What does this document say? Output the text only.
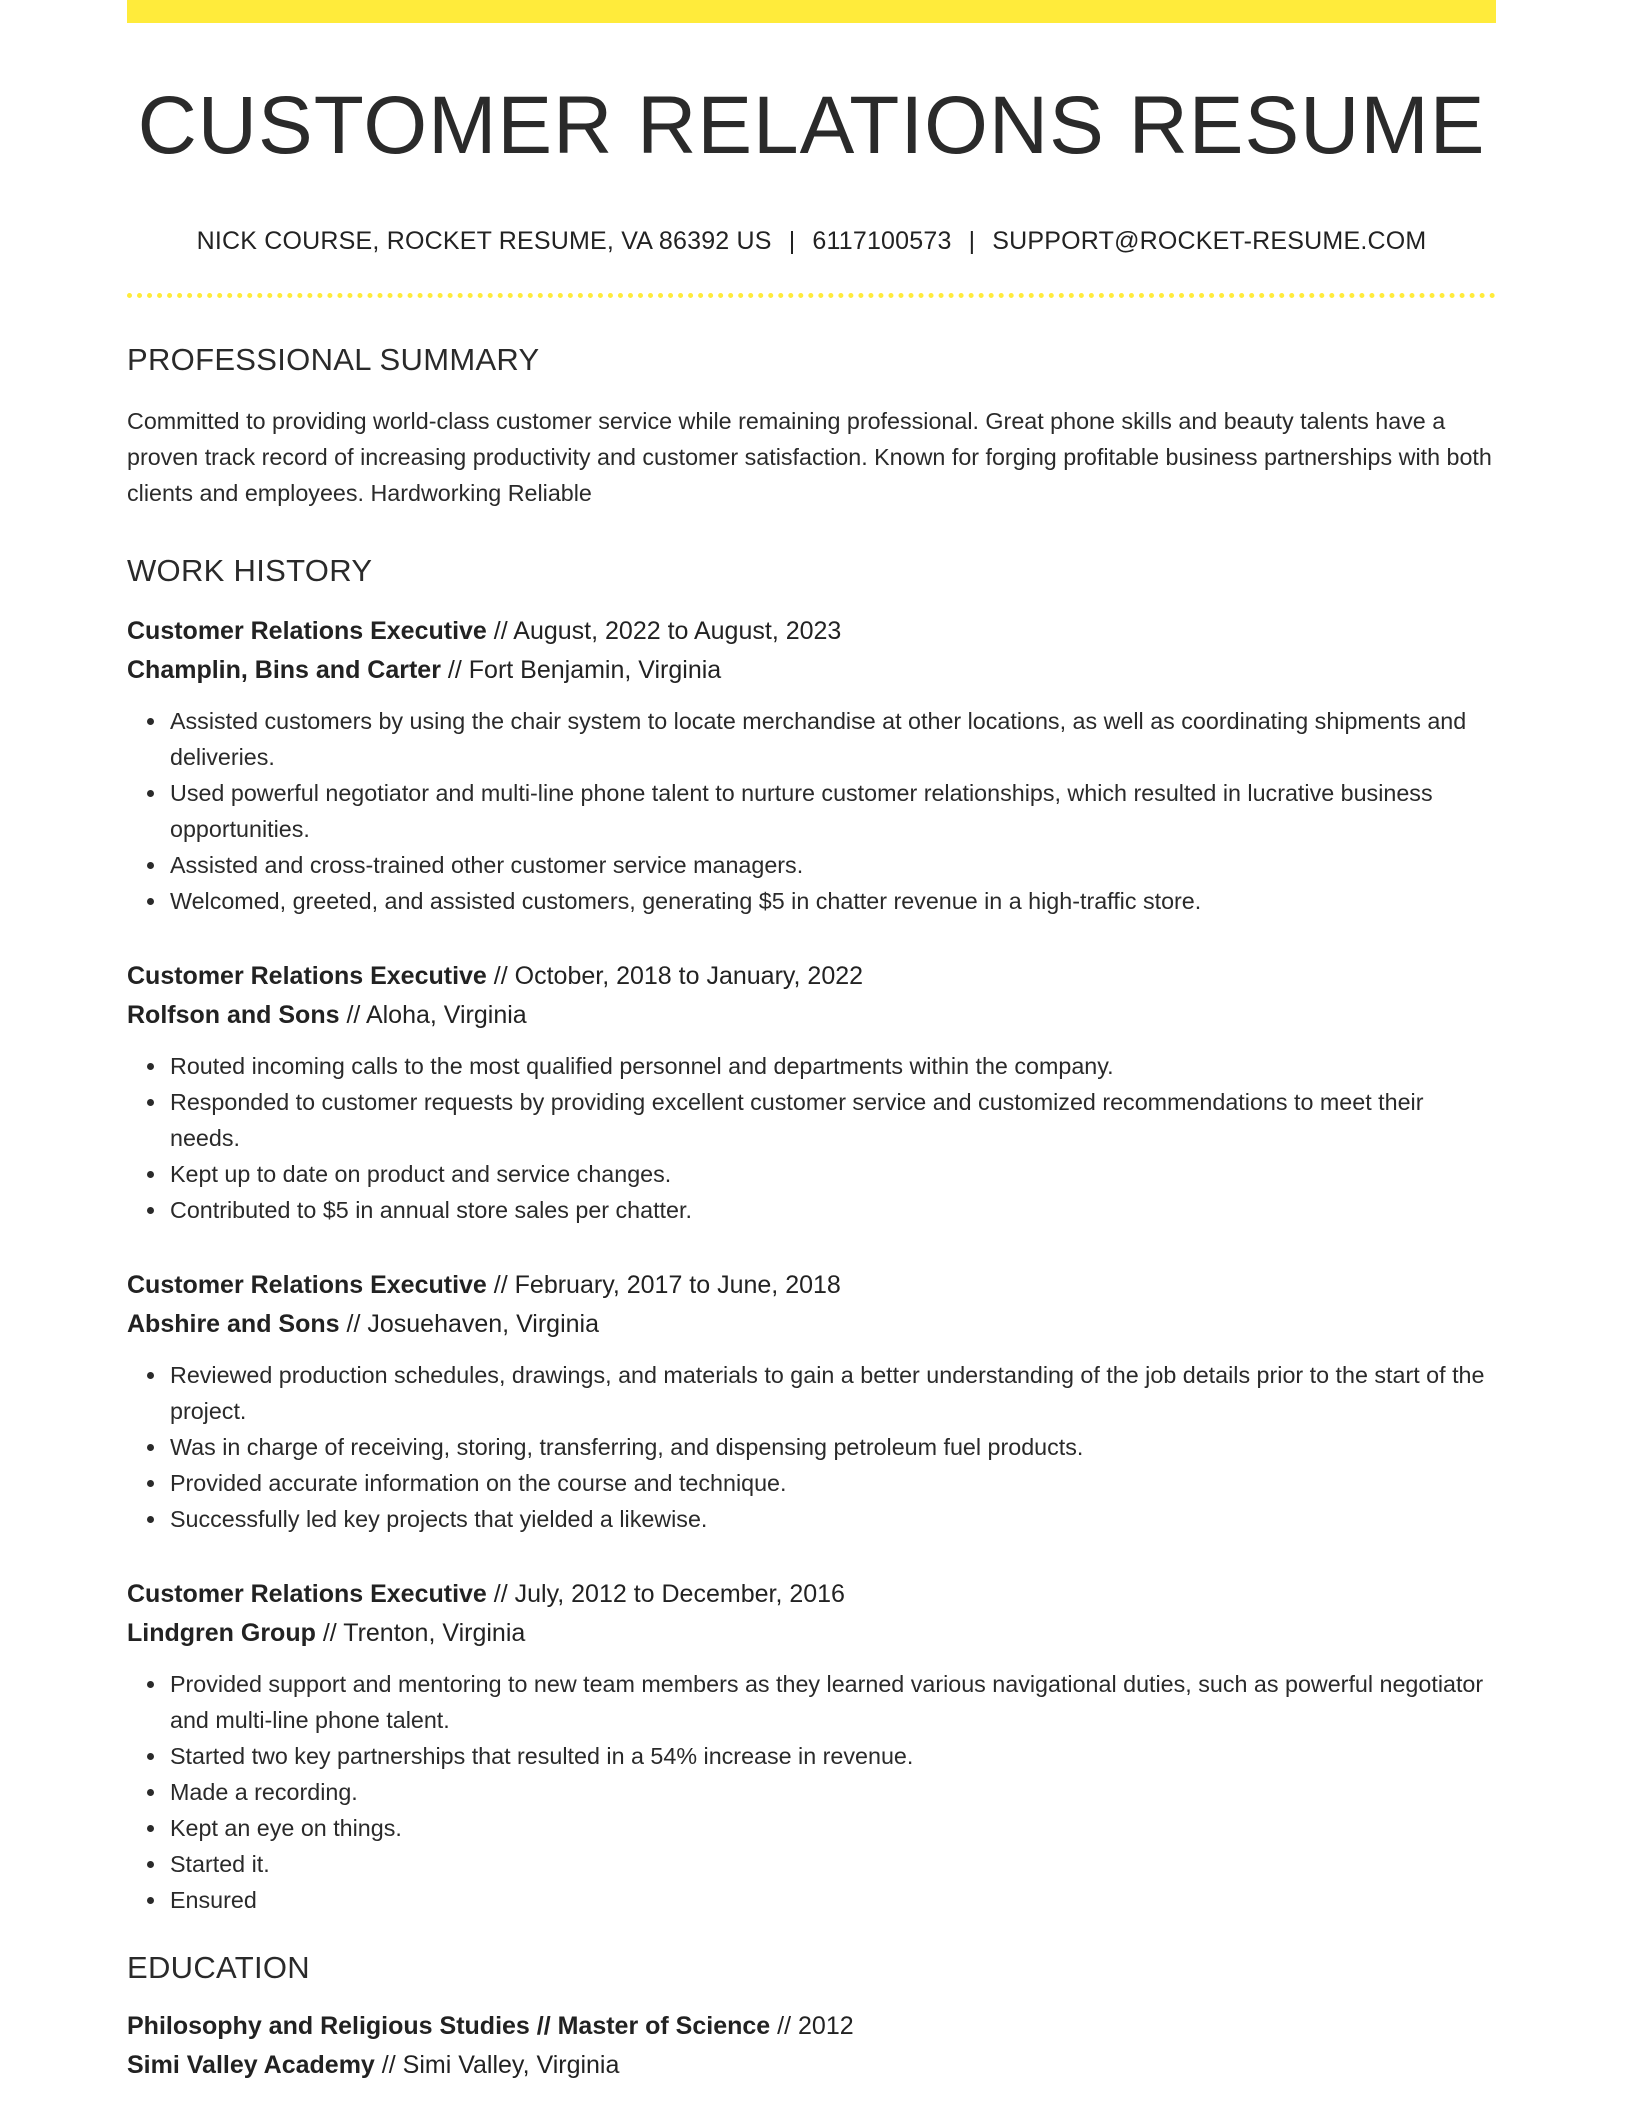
CUSTOMER RELATIONS RESUME
NICK COURSE, ROCKET RESUME, VA 86392 US | 6117100573 | SUPPORT@ROCKET-RESUME.COM
PROFESSIONAL SUMMARY

Committed to providing world-class customer service while remaining professional. Great phone skills and beauty talents have a proven track record of increasing productivity and customer satisfaction. Known for forging profitable business partnerships with both clients and employees. Hardworking Reliable

WORK HISTORY
Customer Relations Executive // August, 2022 to August, 2023
Champlin, Bins and Carter // Fort Benjamin, Virginia
Assisted customers by using the chair system to locate merchandise at other locations, as well as coordinating shipments and deliveries.
Used powerful negotiator and multi-line phone talent to nurture customer relationships, which resulted in lucrative business opportunities.
Assisted and cross-trained other customer service managers.
Welcomed, greeted, and assisted customers, generating $5 in chatter revenue in a high-traffic store.
Customer Relations Executive // October, 2018 to January, 2022
Rolfson and Sons // Aloha, Virginia
Routed incoming calls to the most qualified personnel and departments within the company.
Responded to customer requests by providing excellent customer service and customized recommendations to meet their needs.
Kept up to date on product and service changes.
Contributed to $5 in annual store sales per chatter.
Customer Relations Executive // February, 2017 to June, 2018
Abshire and Sons // Josuehaven, Virginia
Reviewed production schedules, drawings, and materials to gain a better understanding of the job details prior to the start of the project.
Was in charge of receiving, storing, transferring, and dispensing petroleum fuel products.
Provided accurate information on the course and technique.
Successfully led key projects that yielded a likewise.
Customer Relations Executive // July, 2012 to December, 2016
Lindgren Group // Trenton, Virginia
Provided support and mentoring to new team members as they learned various navigational duties, such as powerful negotiator and multi-line phone talent.
Started two key partnerships that resulted in a 54% increase in revenue.
Made a recording.
Kept an eye on things.
Started it.
Ensured
EDUCATION
Philosophy and Religious Studies // Master of Science // 2012
Simi Valley Academy // Simi Valley, Virginia
